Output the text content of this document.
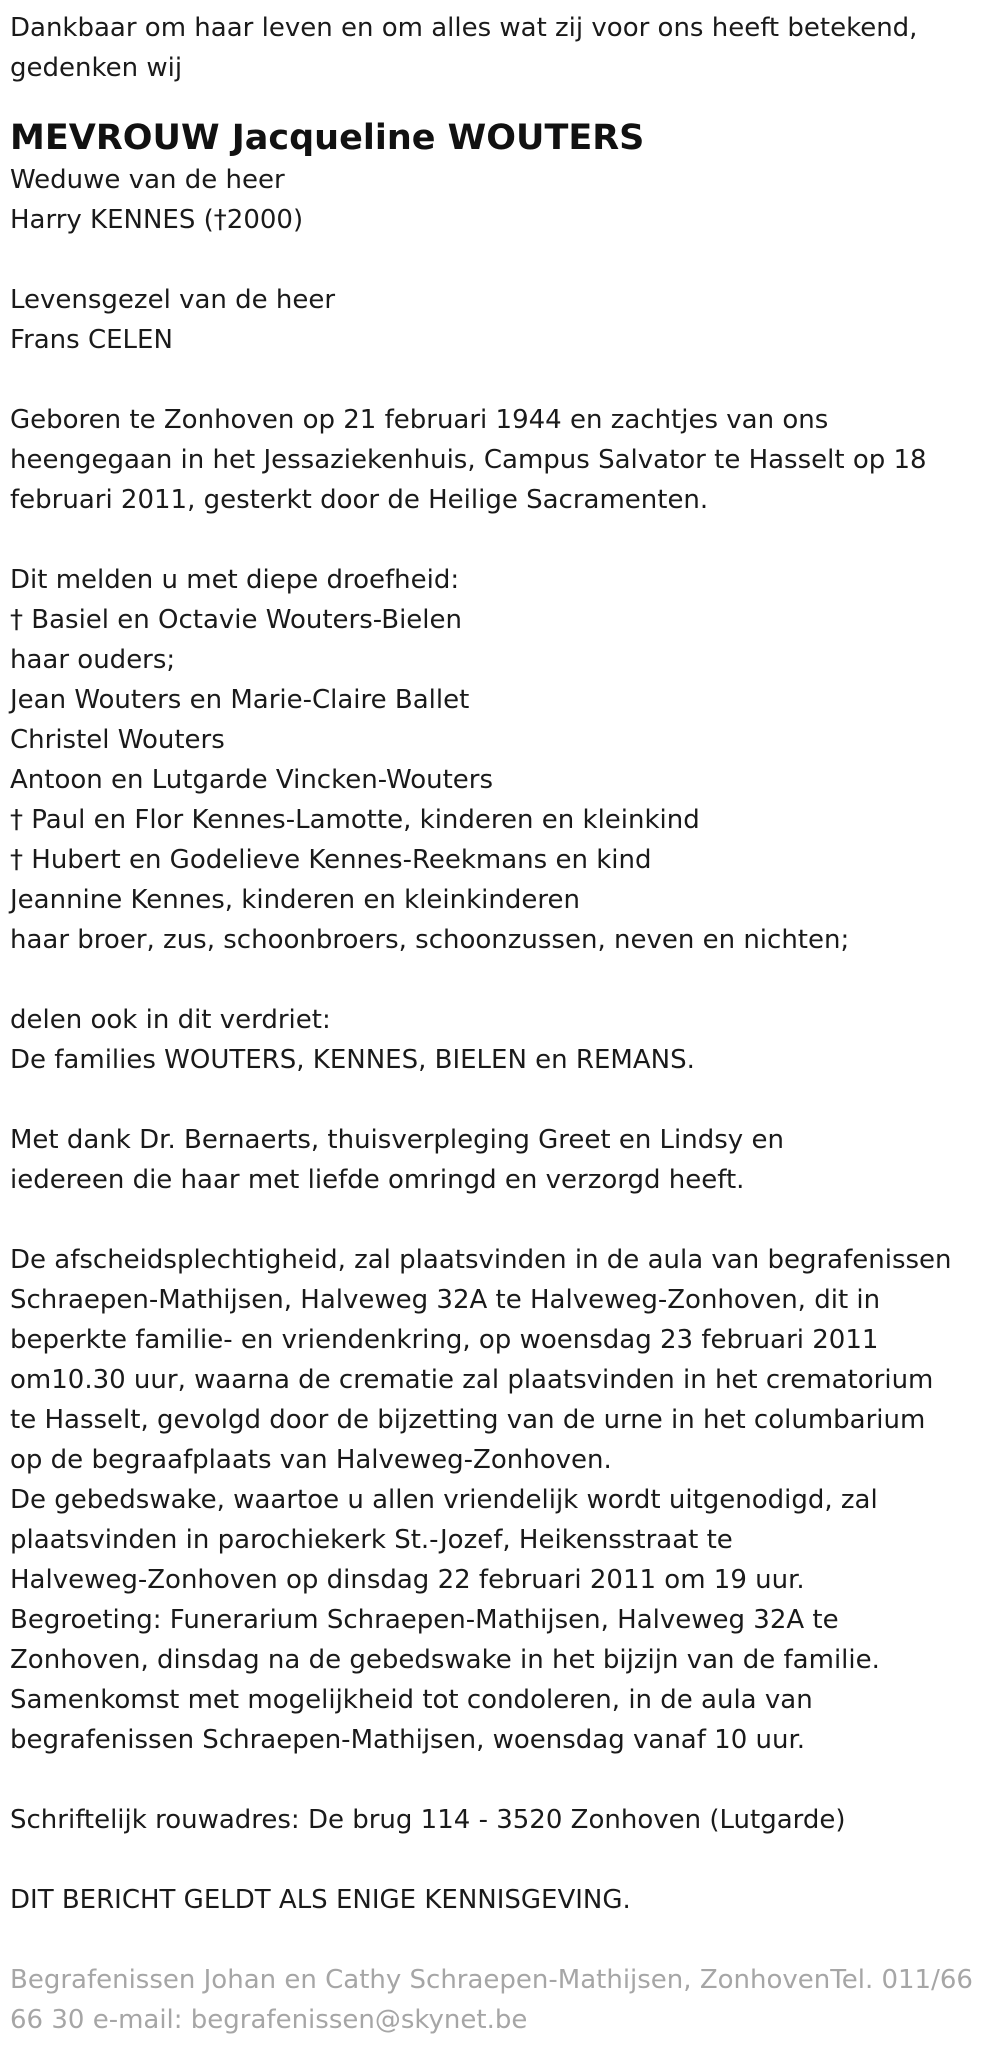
Dankbaar om haar leven en om alles wat zij voor ons heeft betekend,

gedenken wij

MEVROUW Jacqueline WOUTERS

Weduwe van de heer

Harry KENNES (†2000)

Levensgezel van de heer

Frans CELEN

Geboren te Zonhoven op 21 februari 1944 en zachtjes van ons

heengegaan in het Jessaziekenhuis, Campus Salvator te Hasselt op 18

februari 2011, gesterkt door de Heilige Sacramenten.

Dit melden u met diepe droefheid:

† Basiel en Octavie Wouters-Bielen

haar ouders;

Jean Wouters en Marie-Claire Ballet

Christel Wouters

Antoon en Lutgarde Vincken-Wouters

† Paul en Flor Kennes-Lamotte, kinderen en kleinkind

† Hubert en Godelieve Kennes-Reekmans en kind

Jeannine Kennes, kinderen en kleinkinderen

haar broer, zus, schoonbroers, schoonzussen, neven en nichten;

delen ook in dit verdriet:

De families WOUTERS, KENNES, BIELEN en REMANS.

Met dank Dr. Bernaerts, thuisverpleging Greet en Lindsy en

iedereen die haar met liefde omringd en verzorgd heeft.

De afscheidsplechtigheid, zal plaatsvinden in de aula van begrafenissen

Schraepen-Mathijsen, Halveweg 32A te Halveweg-Zonhoven, dit in

beperkte familie- en vriendenkring, op woensdag 23 februari 2011

om10.30 uur, waarna de crematie zal plaatsvinden in het crematorium

te Hasselt, gevolgd door de bijzetting van de urne in het columbarium

op de begraafplaats van Halveweg-Zonhoven.

De gebedswake, waartoe u allen vriendelijk wordt uitgenodigd, zal

plaatsvinden in parochiekerk St.-Jozef, Heikensstraat te

Halveweg-Zonhoven op dinsdag 22 februari 2011 om 19 uur.

Begroeting: Funerarium Schraepen-Mathijsen, Halveweg 32A te

Zonhoven, dinsdag na de gebedswake in het bijzijn van de familie.

Samenkomst met mogelijkheid tot condoleren, in de aula van

begrafenissen Schraepen-Mathijsen, woensdag vanaf 10 uur.

Schriftelijk rouwadres: De brug 114 - 3520 Zonhoven (Lutgarde)

DIT BERICHT GELDT ALS ENIGE KENNISGEVING.

Begrafenissen Johan en Cathy Schraepen-Mathijsen, ZonhovenTel. 011/66

66 30 e-mail: begrafenissen@skynet.be
